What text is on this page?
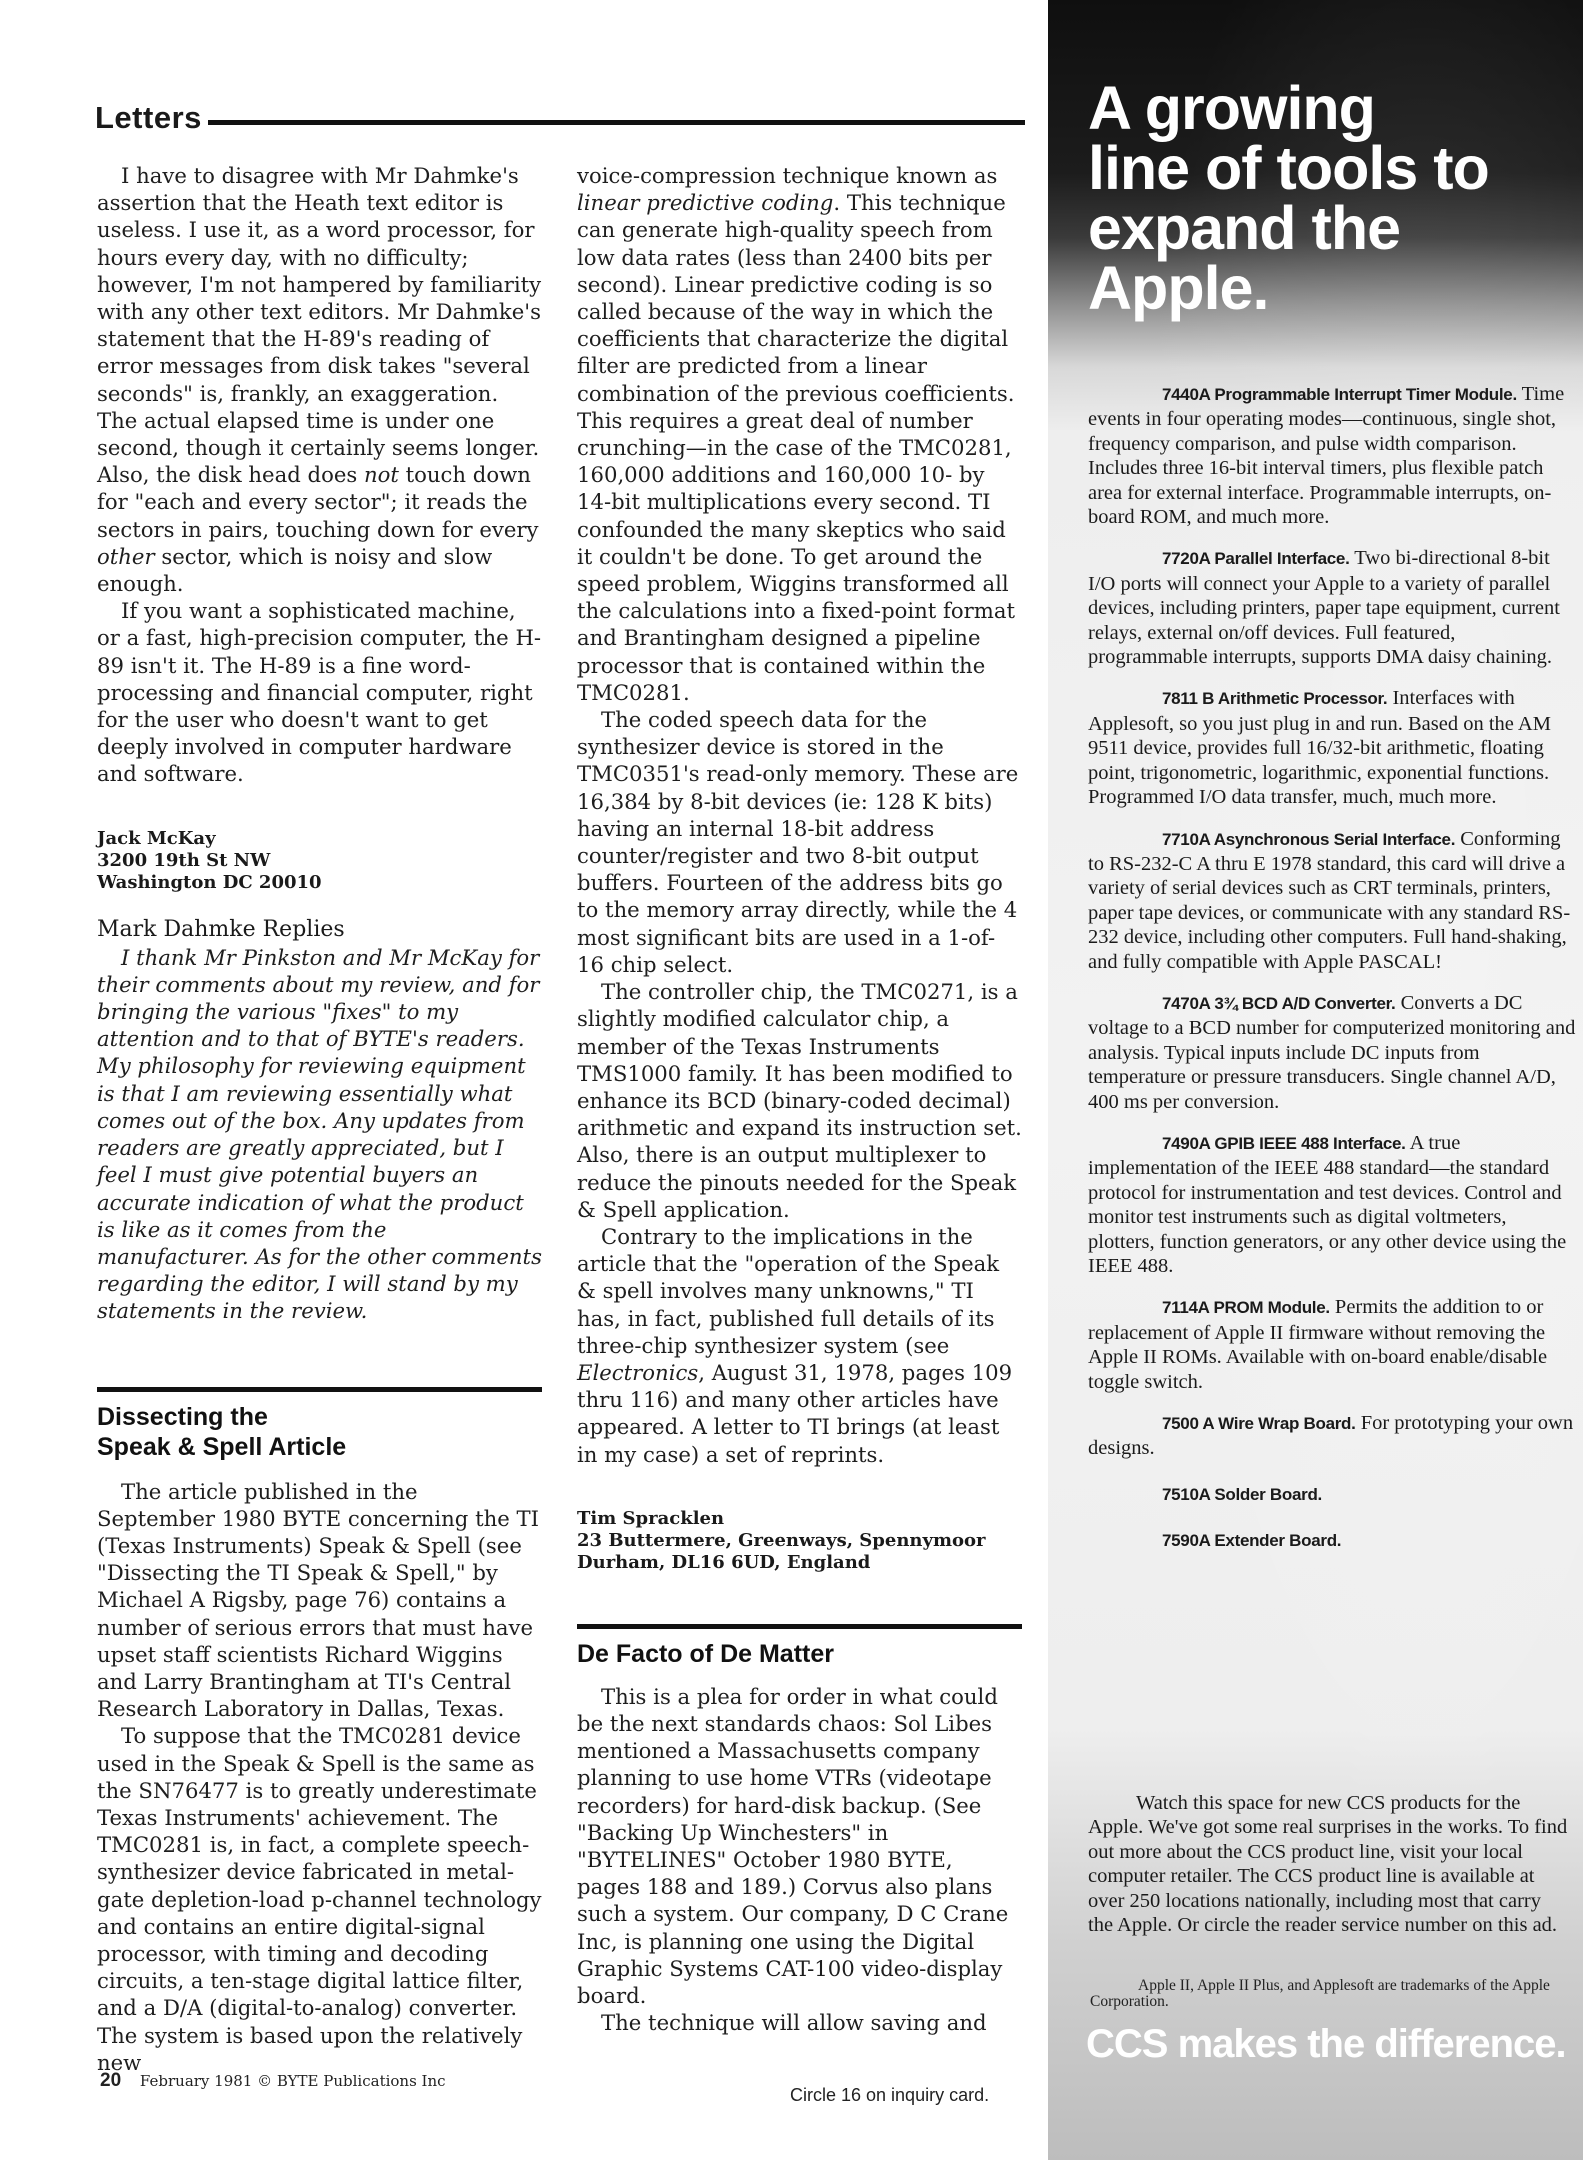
Letters

I have to disagree with Mr Dahmke's assertion that the Heath text editor is useless. I use it, as a word processor, for hours every day, with no difficulty; however, I'm not hampered by familiarity with any other text editors. Mr Dahmke's statement that the H-89's reading of error messages from disk takes "several seconds" is, frankly, an exaggeration. The actual elapsed time is under one second, though it certainly seems longer. Also, the disk head does not touch down for "each and every sector"; it reads the sectors in pairs, touching down for every other sector, which is noisy and slow enough.

If you want a sophisticated machine, or a fast, high-precision computer, the H-89 isn't it. The H-89 is a fine word-processing and financial computer, right for the user who doesn't want to get deeply involved in computer hardware and software.

Jack McKay

3200 19th St NW

Washington DC 20010

Mark Dahmke Replies

I thank Mr Pinkston and Mr McKay for their comments about my review, and for bringing the various "fixes" to my attention and to that of BYTE's readers. My philosophy for reviewing equipment is that I am reviewing essentially what comes out of the box. Any updates from readers are greatly appreciated, but I feel I must give potential buyers an accurate indication of what the product is like as it comes from the manufacturer. As for the other comments regarding the editor, I will stand by my statements in the review.

Dissecting the
Speak & Spell Article

The article published in the September 1980 BYTE concerning the TI (Texas Instruments) Speak & Spell (see "Dissecting the TI Speak & Spell," by Michael A Rigsby, page 76) contains a number of serious errors that must have upset staff scientists Richard Wiggins and Larry Brantingham at TI's Central Research Laboratory in Dallas, Texas.

To suppose that the TMC0281 device used in the Speak & Spell is the same as the SN76477 is to greatly underestimate Texas Instruments' achievement. The TMC0281 is, in fact, a complete speech-synthesizer device fabricated in metal-gate depletion-load p-channel technology and contains an entire digital-signal processor, with timing and decoding circuits, a ten-stage digital lattice filter, and a D/A (digital-to-analog) converter. The system is based upon the relatively new

voice-compression technique known as linear predictive coding. This technique can generate high-quality speech from low data rates (less than 2400 bits per second). Linear predictive coding is so called because of the way in which the coefficients that characterize the digital filter are predicted from a linear combination of the previous coefficients. This requires a great deal of number crunching—in the case of the TMC0281, 160,000 additions and 160,000 10- by 14-bit multiplications every second. TI confounded the many skeptics who said it couldn't be done. To get around the speed problem, Wiggins transformed all the calculations into a fixed-point format and Brantingham designed a pipeline processor that is contained within the TMC0281.

The coded speech data for the synthesizer device is stored in the TMC0351's read-only memory. These are 16,384 by 8-bit devices (ie: 128 K bits) having an internal 18-bit address counter/register and two 8-bit output buffers. Fourteen of the address bits go to the memory array directly, while the 4 most significant bits are used in a 1-of-16 chip select.

The controller chip, the TMC0271, is a slightly modified calculator chip, a member of the Texas Instruments TMS1000 family. It has been modified to enhance its BCD (binary-coded decimal) arithmetic and expand its instruction set. Also, there is an output multiplexer to reduce the pinouts needed for the Speak & Spell application.

Contrary to the implications in the article that the "operation of the Speak & spell involves many unknowns," TI has, in fact, published full details of its three-chip synthesizer system (see Electronics, August 31, 1978, pages 109 thru 116) and many other articles have appeared. A letter to TI brings (at least in my case) a set of reprints.

Tim Spracklen

23 Buttermere, Greenways, Spennymoor

Durham, DL16 6UD, England

De Facto of De Matter

This is a plea for order in what could be the next standards chaos: Sol Libes mentioned a Massachusetts company planning to use home VTRs (videotape recorders) for hard-disk backup. (See "Backing Up Winchesters" in "BYTELINES" October 1980 BYTE, pages 188 and 189.) Corvus also plans such a system. Our company, D C Crane Inc, is planning one using the Digital Graphic Systems CAT-100 video-display board.

The technique will allow saving and

20 February 1981 © BYTE Publications Inc
Circle 16 on inquiry card.
A growing
line of tools to
expand the Apple.

7440A Programmable Interrupt Timer Module. Time events in four operating modes—continuous, single shot, frequency comparison, and pulse width comparison. Includes three 16-bit interval timers, plus flexible patch area for external interface. Programmable interrupts, on-board ROM, and much more.

7720A Parallel Interface. Two bi-directional 8-bit I/O ports will connect your Apple to a variety of parallel devices, including printers, paper tape equipment, current relays, external on/off devices. Full featured, programmable interrupts, supports DMA daisy chaining.

7811 B Arithmetic Processor. Interfaces with Applesoft, so you just plug in and run. Based on the AM 9511 device, provides full 16/32-bit arithmetic, floating point, trigonometric, logarithmic, exponential functions. Programmed I/O data transfer, much, much more.

7710A Asynchronous Serial Interface. Conforming to RS-232-C A thru E 1978 standard, this card will drive a variety of serial devices such as CRT terminals, printers, paper tape devices, or communicate with any standard RS-232 device, including other computers. Full hand-shaking, and fully compatible with Apple PASCAL!

7470A 3¾ BCD A/D Converter. Converts a DC voltage to a BCD number for computerized monitoring and analysis. Typical inputs include DC inputs from temperature or pressure transducers. Single channel A/D, 400 ms per conversion.

7490A GPIB IEEE 488 Interface. A true implementation of the IEEE 488 standard—the standard protocol for instrumentation and test devices. Control and monitor test instruments such as digital voltmeters, plotters, function generators, or any other device using the IEEE 488.

7114A PROM Module. Permits the addition to or replacement of Apple II firmware without removing the Apple II ROMs. Available with on-board enable/disable toggle switch.

7500 A Wire Wrap Board. For prototyping your own designs.

7510A Solder Board.

7590A Extender Board.

Watch this space for new CCS products for the Apple. We've got some real surprises in the works. To find out more about the CCS product line, visit your local computer retailer. The CCS product line is available at over 250 locations nationally, including most that carry the Apple. Or circle the reader service number on this ad.

Apple II, Apple II Plus, and Applesoft are trademarks of the Apple Corporation.

CCS makes the difference.
